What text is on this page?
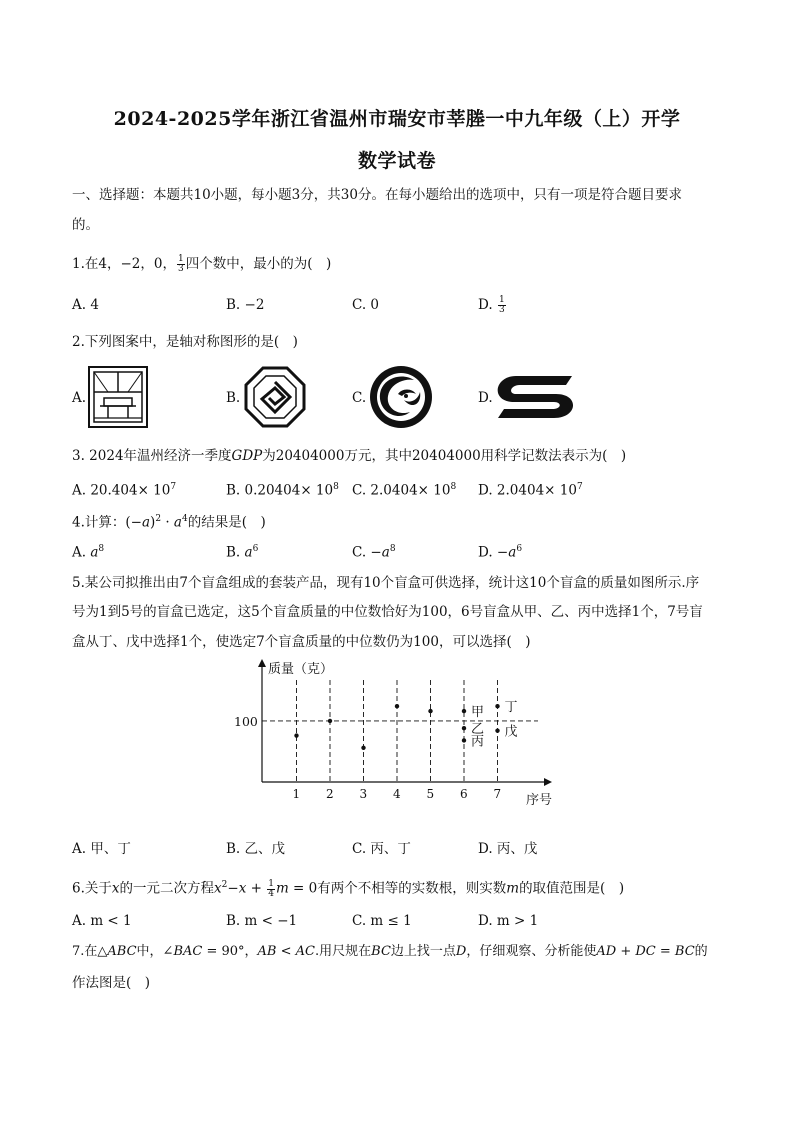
2024-2025学年浙江省温州市瑞安市莘塍一中九年级（上）开学
数学试卷
一、选择题：本题共10小题，每小题3分，共30分。在每小题给出的选项中，只有一项是符合题目要求
的。
1.在4，−2，0， $\frac{1}{3}$ 四个数中，最小的为(　)
A. 4	B. −2	C. 0	D. $\frac{1}{3}$
2.下列图案中，是轴对称图形的是(　)
A.	B.	C.	D.
3. 2024年温州经济一季度GDP为20404000万元，其中20404000用科学记数法表示为(　)
A. $20.404\times 10^7$	B. $0.20404\times 10^8$ C. $2.0404\times 10^8$ D. $2.0404\times 10^7$
4.计算：$(-a)^2 \cdot a^4$的结果是(　)
A. $a^8$	B. $a^6$	C. $-a^8$	D. $-a^6$
5.某公司拟推出由7个盲盒组成的套装产品，现有10个盲盒可供选择，统计这10个盲盒的质量如图所示.序
号为1到5号的盲盒已选定，这5个盲盒质量的中位数恰好为100，6号盲盒从甲、乙、丙中选择1个，7号盲
盒从丁、戊中选择1个，使选定7个盲盒质量的中位数仍为100，可以选择(　)
质量（克）
序号
100
1 2 3 4 5 6 7
甲
乙
丙
丁
戊
A. 甲、丁	B. 乙、戊	C. 丙、丁	D. 丙、戊
6.关于x的一元二次方程$x^2-x + \frac{1}{4}$ m = 0有两个不相等的实数根，则实数m的取值范围是(　)
A. m < 1	B. m < −1	C. m ≤ 1	D. m > 1
7.在△ABC中，∠BAC = 90°，AB < AC.用尺规在BC边上找一点D，仔细观察、分析能使AD + DC = BC的
作法图是(　)
